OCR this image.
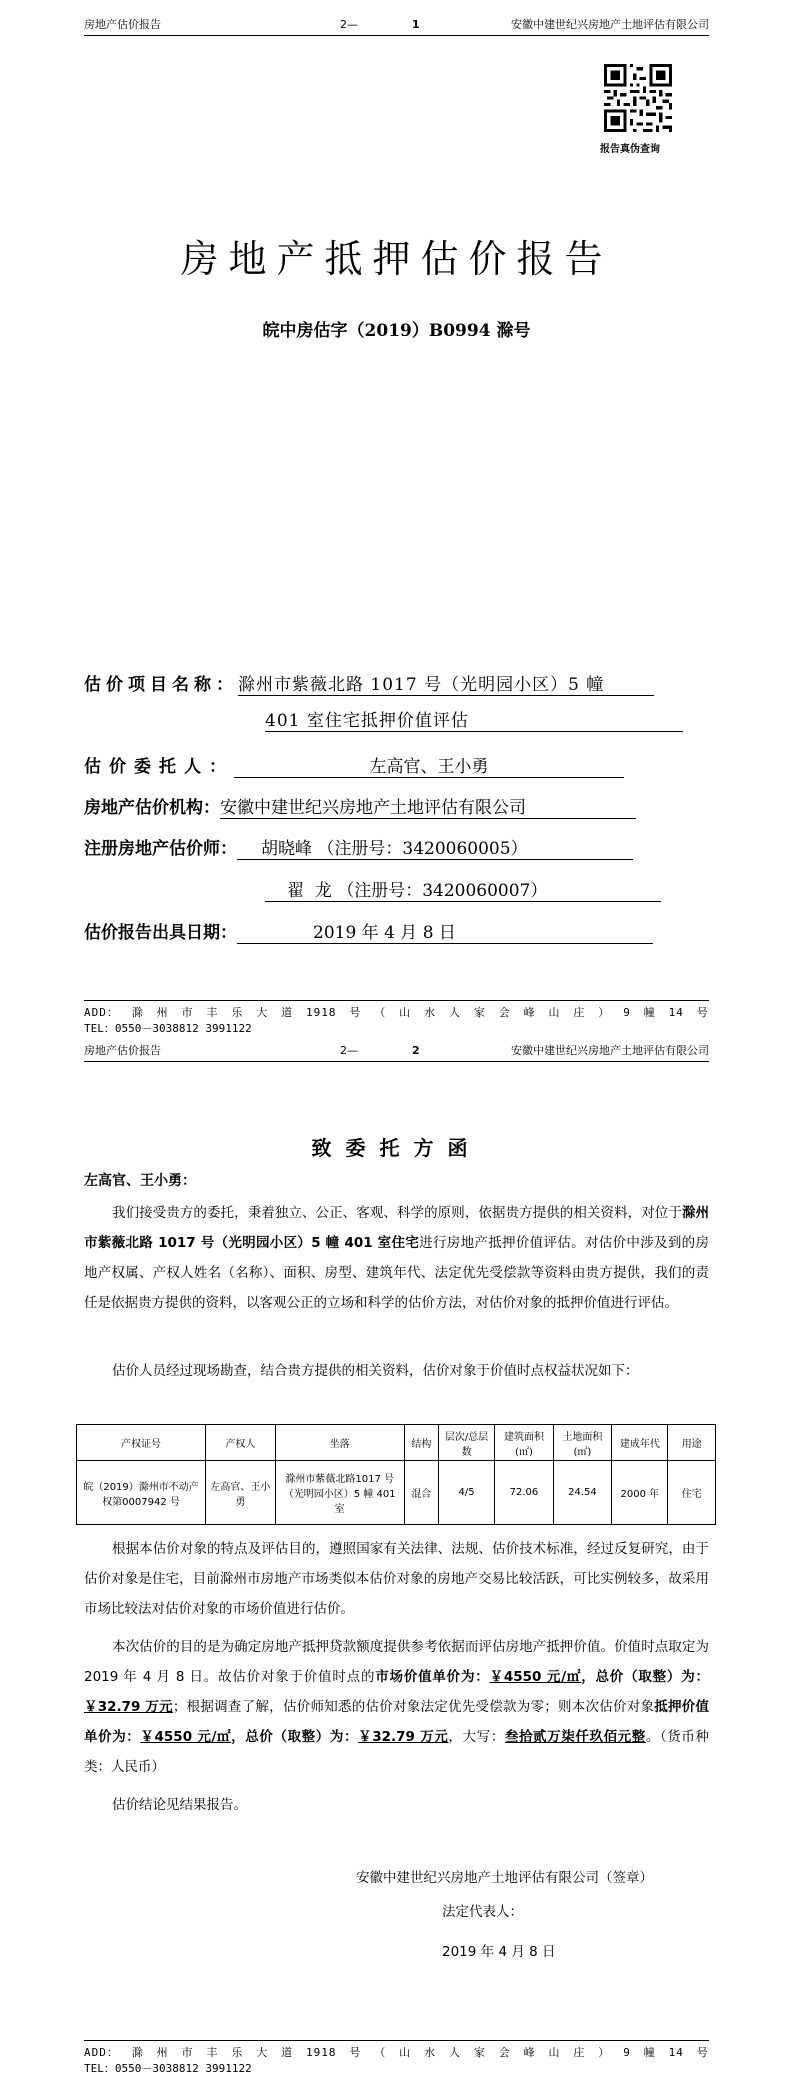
房地产估价报告	2—	1	安徽中建世纪兴房地产土地评估有限公司
报告真伪查询
房地产抵押估价报告
皖中房估字（2019）B0994 滁号
估价项目名称：滁州市紫薇北路 1017 号（光明园小区）5 幢
401 室住宅抵押价值评估
估价委托人：	左高官、王小勇
房地产估价机构：安徽中建世纪兴房地产土地评估有限公司
注册房地产估价师： 胡晓峰 （注册号：3420060005）
翟  龙 （注册号：3420060007）
估价报告出具日期：	2019 年 4 月 8 日
ADD： 滁 州 市 丰 乐 大 道 1918 号 （ 山 水 人 家 会 峰 山 庄 ） 9 幢 14 号
TEL：0550－3038812 3991122
房地产估价报告	2—	2	安徽中建世纪兴房地产土地评估有限公司
致委托方函
左高官、王小勇：
我们接受贵方的委托，秉着独立、公正、客观、科学的原则，依据贵方提供的相关资料，对位于滁州市紫薇北路 1017 号（光明园小区）5 幢 401 室住宅进行房地产抵押价值评估。对估价中涉及到的房地产权属、产权人姓名（名称）、面积、房型、建筑年代、法定优先受偿款等资料由贵方提供，我们的责任是依据贵方提供的资料，以客观公正的立场和科学的估价方法，对估价对象的抵押价值进行评估。
估价人员经过现场勘查，结合贵方提供的相关资料，估价对象于价值时点权益状况如下：
产权证号	产权人	坐落	结构	层次/总层数	建筑面积(㎡)	土地面积(㎡)	建成年代	用途
皖（2019）滁州市不动产权第0007942 号	左高官、王小勇	滁州市紫薇北路1017 号（光明园小区）5 幢 401 室	混合	4/5	72.06	24.54	2000 年	住宅
根据本估价对象的特点及评估目的，遵照国家有关法律、法规、估价技术标准，经过反复研究，由于估价对象是住宅，目前滁州市房地产市场类似本估价对象的房地产交易比较活跃，可比实例较多，故采用市场比较法对估价对象的市场价值进行估价。
本次估价的目的是为确定房地产抵押贷款额度提供参考依据而评估房地产抵押价值。价值时点取定为 2019 年 4 月 8 日。故估价对象于价值时点的市场价值单价为：￥4550 元/㎡，总价（取整）为：￥32.79 万元；根据调查了解，估价师知悉的估价对象法定优先受偿款为零；则本次估价对象抵押价值单价为：￥4550 元/㎡，总价（取整）为：￥32.79 万元，大写：叁拾贰万柒仟玖佰元整。（货币种类：人民币）
估价结论见结果报告。
安徽中建世纪兴房地产土地评估有限公司（签章）
法定代表人：
2019 年 4 月 8 日
ADD： 滁 州 市 丰 乐 大 道 1918 号 （ 山 水 人 家 会 峰 山 庄 ） 9 幢 14 号
TEL：0550－3038812 3991122
